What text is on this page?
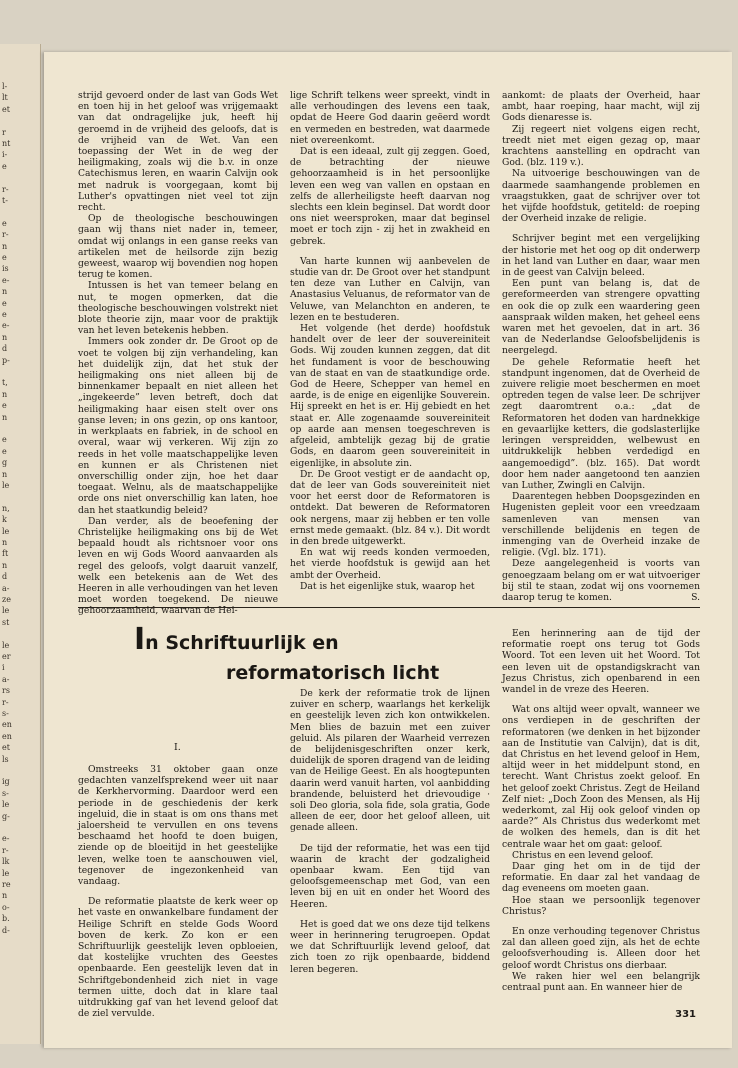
l-
lt
et
r
nt
i-
e
r-
t-
e
r-
n
e
is
e-
n
e
e
e-
n
d
p-
t,
n
e
n
e
e
g
n
le
n,
k
le
n
ft
n
d
a-
ze
le
st
le
er
i
a-
rs
r-
s-
en
en
et
ls
ig
s-
le
g-
e-
r-
lk
le
re
n
o-
b.
d-

strijd gevoerd onder de last van Gods Wet en toen hij in het geloof was vrijgemaakt van dat ondragelijke juk, heeft hij geroemd in de vrijheid des geloofs, dat is de vrijheid van de Wet. Van een toepassing der Wet in de weg der heiligmaking, zoals wij die b.v. in onze Catechismus leren, en waarin Calvijn ook met nadruk is voorgegaan, komt bij Luther's opvattingen niet veel tot zijn recht.

Op de theologische beschouwingen gaan wij thans niet nader in, temeer, omdat wij onlangs in een ganse reeks van artikelen met de heilsorde zijn bezig geweest, waarop wij bovendien nog hopen terug te komen.

Intussen is het van temeer belang en nut, te mogen opmerken, dat die theologische beschouwingen volstrekt niet blote theorie zijn, maar voor de praktijk van het leven betekenis hebben.

Immers ook zonder dr. De Groot op de voet te volgen bij zijn verhandeling, kan het duidelijk zijn, dat het stuk der heiligmaking ons niet alleen bij de binnenkamer bepaalt en niet alleen het „ingekeerde” leven betreft, doch dat heiligmaking haar eisen stelt over ons ganse leven; in ons gezin, op ons kantoor, in werkplaats en fabriek, in de school en overal, waar wij verkeren. Wij zijn zo reeds in het volle maatschappelijke leven en kunnen er als Christenen niet onverschillig onder zijn, hoe het daar toegaat. Welnu, als de maatschappelijke orde ons niet onverschillig kan laten, hoe dan het staatkundig beleid?

Dan verder, als de beoefening der Christelijke heiligmaking ons bij de Wet bepaald houdt als richtsnoer voor ons leven en wij Gods Woord aanvaarden als regel des geloofs, volgt daaruit vanzelf, welk een betekenis aan de Wet des Heeren in alle verhoudingen van het leven moet worden toegekend. De nieuwe gehoorzaamheid, waarvan de Hei-

lige Schrift telkens weer spreekt, vindt in alle verhoudingen des levens een taak, opdat de Heere God daarin geëerd wordt en vermeden en bestreden, wat daarmede niet overeenkomt.

Dat is een ideaal, zult gij zeggen. Goed, de betrachting der nieuwe gehoorzaamheid is in het persoonlijke leven een weg van vallen en opstaan en zelfs de allerheiligste heeft daarvan nog slechts een klein beginsel. Dat wordt door ons niet weersproken, maar dat beginsel moet er toch zijn - zij het in zwakheid en gebrek.

Van harte kunnen wij aanbevelen de studie van dr. De Groot over het standpunt ten deze van Luther en Calvijn, van Anastasius Veluanus, de reformator van de Veluwe, van Melanchton en anderen, te lezen en te bestuderen.

Het volgende (het derde) hoofdstuk handelt over de leer der souvereiniteit Gods. Wij zouden kunnen zeggen, dat dit het fundament is voor de beschouwing van de staat en van de staatkundige orde. God de Heere, Schepper van hemel en aarde, is de enige en eigenlijke Souverein. Hij spreekt en het is er. Hij gebiedt en het staat er. Alle zogenaamde souvereiniteit op aarde aan mensen toegeschreven is afgeleid, ambtelijk gezag bij de gratie Gods, en daarom geen souvereiniteit in eigenlijke, in absolute zin.

Dr. De Groot vestigt er de aandacht op, dat de leer van Gods souvereiniteit niet voor het eerst door de Reformatoren is ontdekt. Dat beweren de Reformatoren ook nergens, maar zij hebben er ten volle ernst mede gemaakt. (blz. 84 v.). Dit wordt in den brede uitgewerkt.

En wat wij reeds konden vermoeden, het vierde hoofdstuk is gewijd aan het ambt der Overheid.

Dat is het eigenlijke stuk, waarop het

aankomt: de plaats der Overheid, haar ambt, haar roeping, haar macht, wijl zij Gods dienaresse is.

Zij regeert niet volgens eigen recht, treedt niet met eigen gezag op, maar krachtens aanstelling en opdracht van God. (blz. 119 v.).

Na uitvoerige beschouwingen van de daarmede saamhangende problemen en vraagstukken, gaat de schrijver over tot het vijfde hoofdstuk, getiteld: de roeping der Overheid inzake de religie.

Schrijver begint met een vergelijking der historie met het oog op dit onderwerp in het land van Luther en daar, waar men in de geest van Calvijn beleed.

Een punt van belang is, dat de gereformeerden van strengere opvatting en ook die op zulk een waardering geen aanspraak wilden maken, het geheel eens waren met het gevoelen, dat in art. 36 van de Nederlandse Geloofsbelijdenis is neergelegd.

De gehele Reformatie heeft het standpunt ingenomen, dat de Overheid de zuivere religie moet beschermen en moet optreden tegen de valse leer. De schrijver zegt daaromtrent o.a.: „dat de Reformatoren het doden van hardnekkige en gevaarlijke ketters, die godslasterlijke leringen verspreidden, welbewust en uitdrukkelijk hebben verdedigd en aangemoedigd”. (blz. 165). Dat wordt door hem nader aangetoond ten aanzien van Luther, Zwingli en Calvijn.

Daarentegen hebben Doopsgezinden en Hugenisten gepleit voor een vreedzaam samenleven van mensen van verschillende belijdenis en tegen de inmenging van de Overheid inzake de religie. (Vgl. blz. 171).

Deze aangelegenheid is voorts van genoegzaam belang om er wat uitvoeriger bij stil te staan, zodat wij ons voornemen daarop terug te komen.	S.

In Schriftuurlijk en
reformatorisch licht
I.

Omstreeks 31 oktober gaan onze gedachten vanzelfsprekend weer uit naar de Kerkhervorming. Daardoor werd een periode in de geschiedenis der kerk ingeluid, die in staat is om ons thans met jaloersheid te vervullen en ons tevens beschaamd het hoofd te doen buigen, ziende op de bloeitijd in het geestelijke leven, welke toen te aanschouwen viel, tegenover de ingezonkenheid van vandaag.

De reformatie plaatste de kerk weer op het vaste en onwankelbare fundament der Heilige Schrift en stelde Gods Woord boven de kerk. Zo kon er een Schriftuurlijk geestelijk leven opbloeien, dat kostelijke vruchten des Geestes openbaarde. Een geestelijk leven dat in Schriftgebondenheid zich niet in vage termen uitte, doch dat in klare taal uitdrukking gaf van het levend geloof dat de ziel vervulde.

De kerk der reformatie trok de lijnen zuiver en scherp, waarlangs het kerkelijk en geestelijk leven zich kon ontwikkelen. Men blies de bazuin met een zuiver geluid. Als pilaren der Waarheid verrezen de belijdenisgeschriften onzer kerk, duidelijk de sporen dragend van de leiding van de Heilige Geest. En als hoogtepunten daarin werd vanuit harten, vol aanbidding brandende, beluisterd het drievoudige · soli Deo gloria, sola fide, sola gratia, Gode alleen de eer, door het geloof alleen, uit genade alleen.

De tijd der reformatie, het was een tijd waarin de kracht der godzaligheid openbaar kwam. Een tijd van geloofsgemeenschap met God, van een leven bij en uit en onder het Woord des Heeren.

Het is goed dat we ons deze tijd telkens weer in herinnering terugroepen. Opdat we dat Schriftuurlijk levend geloof, dat zich toen zo rijk openbaarde, biddend leren begeren.

Een herinnering aan de tijd der reformatie roept ons terug tot Gods Woord. Tot een leven uit het Woord. Tot een leven uit de opstandigskracht van Jezus Christus, zich openbarend in een wandel in de vreze des Heeren.

Wat ons altijd weer opvalt, wanneer we ons verdiepen in de geschriften der reformatoren (we denken in het bijzonder aan de Institutie van Calvijn), dat is dit, dat Christus en het levend geloof in Hem, altijd weer in het middelpunt stond, en terecht. Want Christus zoekt geloof. En het geloof zoekt Christus. Zegt de Heiland Zelf niet: „Doch Zoon des Mensen, als Hij wederkomt, zal Hij ook geloof vinden op aarde?” Als Christus dus wederkomt met de wolken des hemels, dan is dit het centrale waar het om gaat: geloof.

Christus en een levend geloof.

Daar ging het om in de tijd der reformatie. En daar zal het vandaag de dag eveneens om moeten gaan.

Hoe staan we persoonlijk tegenover Christus?

En onze verhouding tegenover Christus zal dan alleen goed zijn, als het de echte geloofsverhouding is. Alleen door het geloof wordt Christus ons dierbaar.

We raken hier wel een belangrijk centraal punt aan. En wanneer hier de

331
